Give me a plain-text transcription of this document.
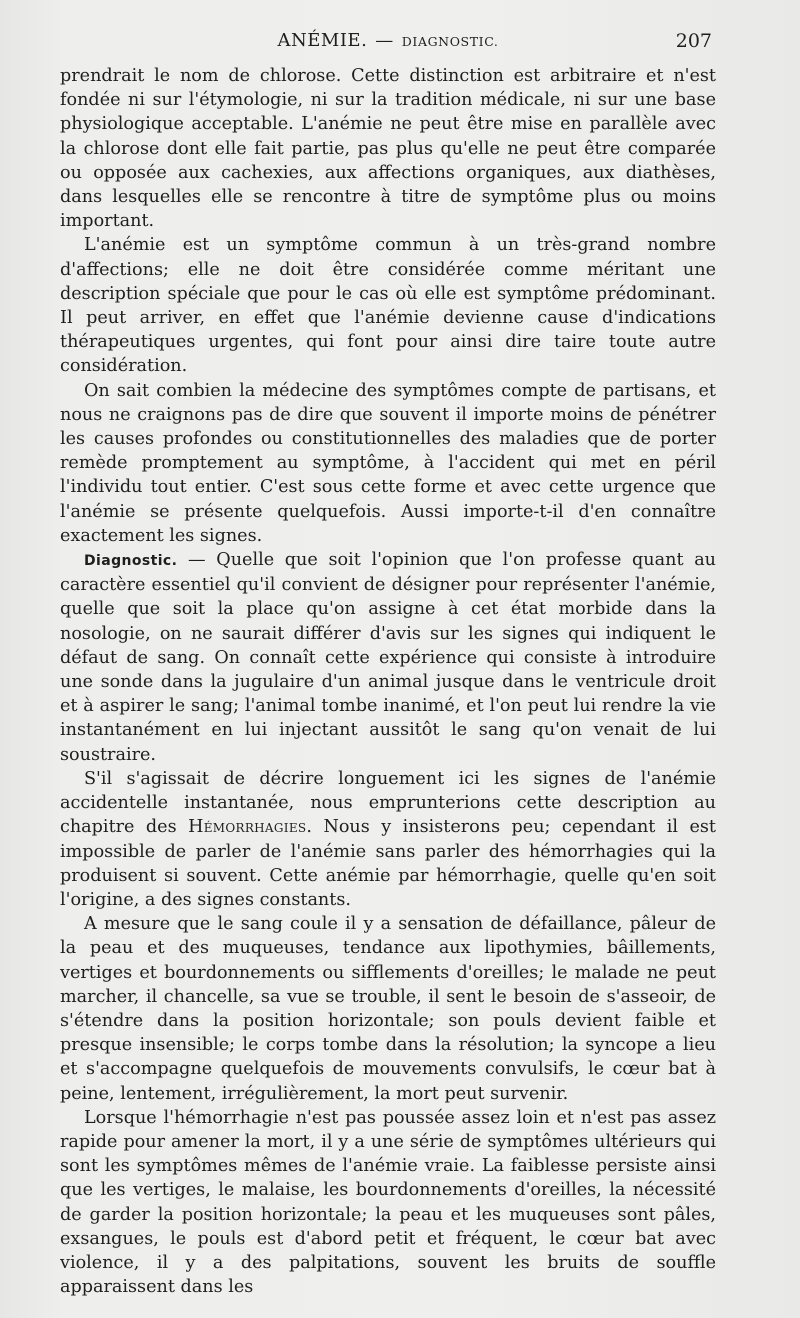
ANÉMIE. — DIAGNOSTIC.	207

prendrait le nom de chlorose. Cette distinction est arbitraire et n'est fondée ni sur l'étymologie, ni sur la tradition médicale, ni sur une base physiologique acceptable. L'anémie ne peut être mise en parallèle avec la chlorose dont elle fait partie, pas plus qu'elle ne peut être comparée ou opposée aux cachexies, aux affections organiques, aux diathèses, dans lesquelles elle se rencontre à titre de symptôme plus ou moins important.

L'anémie est un symptôme commun à un très-grand nombre d'affections; elle ne doit être considérée comme méritant une description spéciale que pour le cas où elle est symptôme prédominant. Il peut arriver, en effet que l'anémie devienne cause d'indications thérapeutiques urgentes, qui font pour ainsi dire taire toute autre considération.

On sait combien la médecine des symptômes compte de partisans, et nous ne craignons pas de dire que souvent il importe moins de pénétrer les causes profondes ou constitutionnelles des maladies que de porter remède promptement au symptôme, à l'accident qui met en péril l'individu tout entier. C'est sous cette forme et avec cette urgence que l'anémie se présente quelquefois. Aussi importe-t-il d'en connaître exactement les signes.

Diagnostic. — Quelle que soit l'opinion que l'on professe quant au caractère essentiel qu'il convient de désigner pour représenter l'anémie, quelle que soit la place qu'on assigne à cet état morbide dans la nosologie, on ne saurait différer d'avis sur les signes qui indiquent le défaut de sang. On connaît cette expérience qui consiste à introduire une sonde dans la jugulaire d'un animal jusque dans le ventricule droit et à aspirer le sang; l'animal tombe inanimé, et l'on peut lui rendre la vie instantanément en lui injectant aussitôt le sang qu'on venait de lui soustraire.

S'il s'agissait de décrire longuement ici les signes de l'anémie accidentelle instantanée, nous emprunterions cette description au chapitre des Hémorrhagies. Nous y insisterons peu; cependant il est impossible de parler de l'anémie sans parler des hémorrhagies qui la produisent si souvent. Cette anémie par hémorrhagie, quelle qu'en soit l'origine, a des signes constants.

A mesure que le sang coule il y a sensation de défaillance, pâleur de la peau et des muqueuses, tendance aux lipothymies, bâillements, vertiges et bourdonnements ou sifflements d'oreilles; le malade ne peut marcher, il chancelle, sa vue se trouble, il sent le besoin de s'asseoir, de s'étendre dans la position horizontale; son pouls devient faible et presque insensible; le corps tombe dans la résolution; la syncope a lieu et s'accompagne quelquefois de mouvements convulsifs, le cœur bat à peine, lentement, irrégulièrement, la mort peut survenir.

Lorsque l'hémorrhagie n'est pas poussée assez loin et n'est pas assez rapide pour amener la mort, il y a une série de symptômes ultérieurs qui sont les symptômes mêmes de l'anémie vraie. La faiblesse persiste ainsi que les vertiges, le malaise, les bourdonnements d'oreilles, la nécessité de garder la position horizontale; la peau et les muqueuses sont pâles, exsangues, le pouls est d'abord petit et fréquent, le cœur bat avec violence, il y a des palpitations, souvent les bruits de souffle apparaissent dans les
